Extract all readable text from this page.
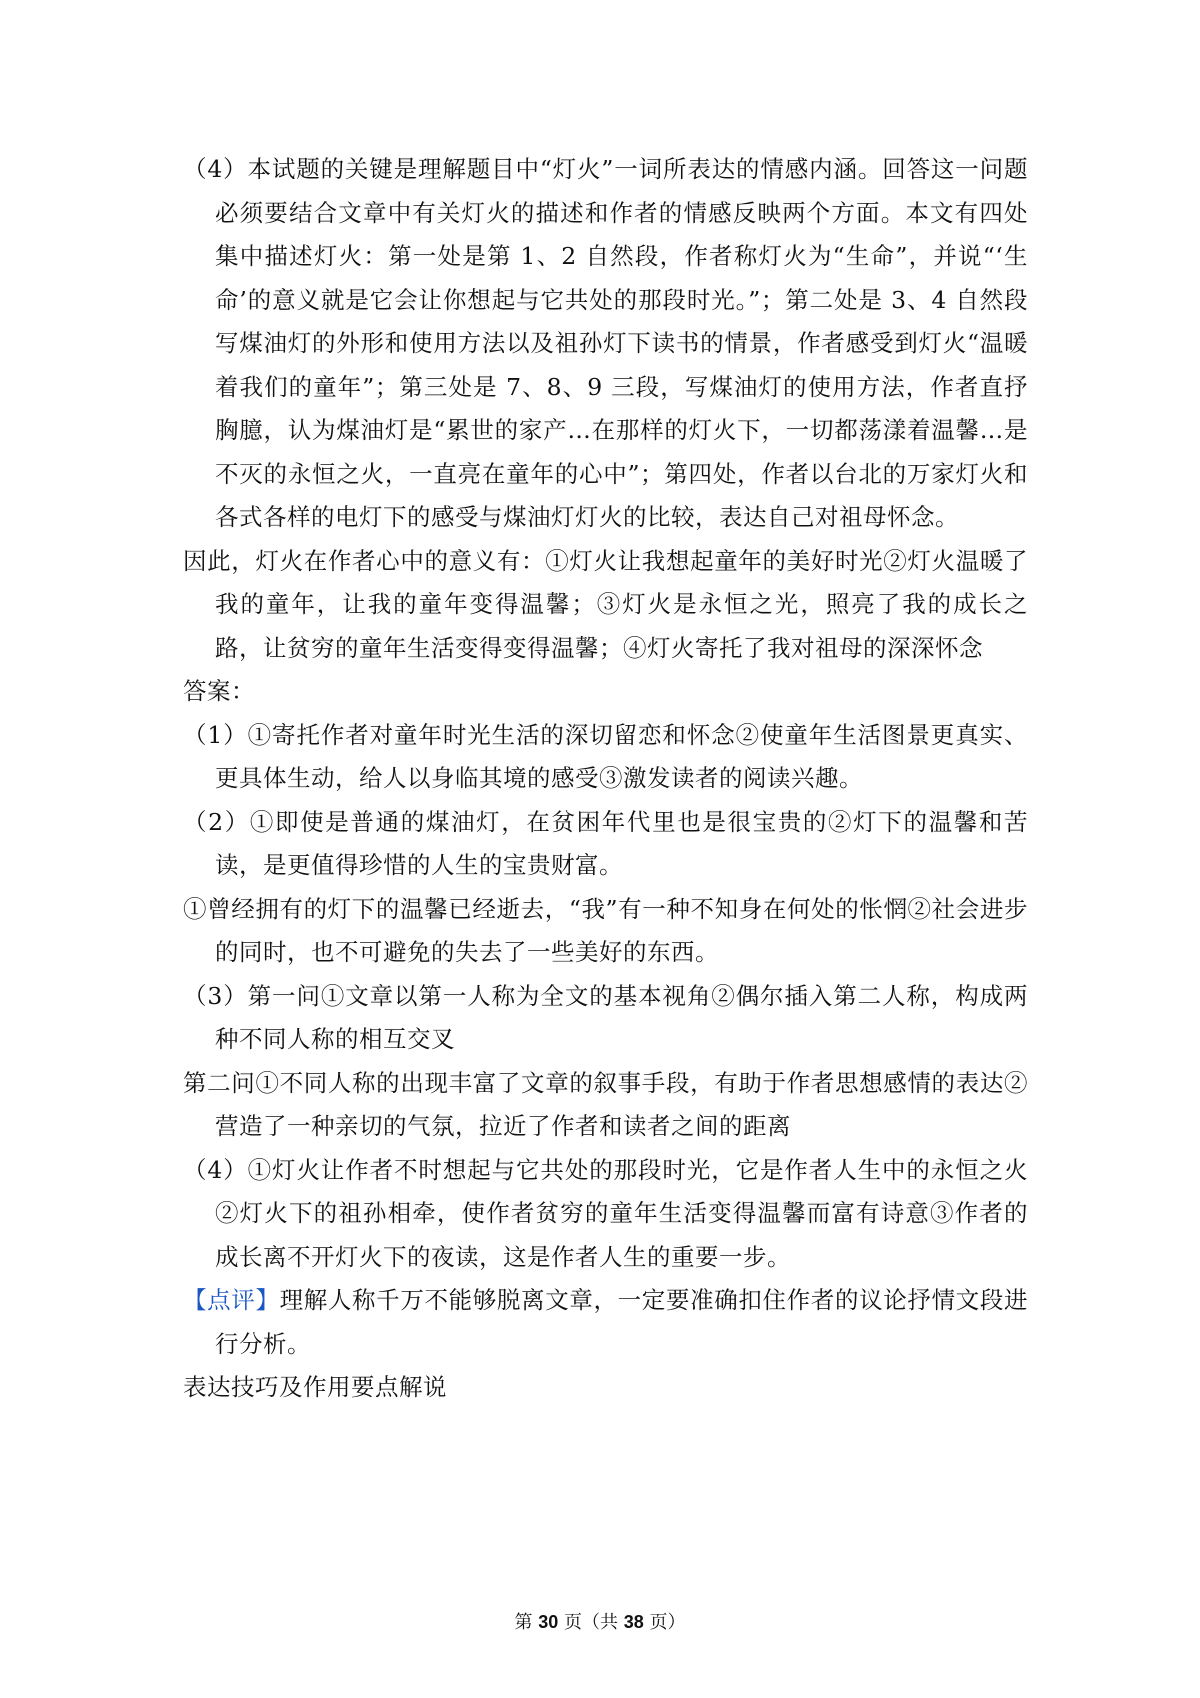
（4）本试题的关键是理解题目中“灯火”一词所表达的情感内涵。回答这一问题必须要结合文章中有关灯火的描述和作者的情感反映两个方面。本文有四处集中描述灯火：第一处是第 1、2 自然段，作者称灯火为“生命”，并说“‘生命’的意义就是它会让你想起与它共处的那段时光。”；第二处是 3、4 自然段写煤油灯的外形和使用方法以及祖孙灯下读书的情景，作者感受到灯火“温暖着我们的童年”；第三处是 7、8、9 三段，写煤油灯的使用方法，作者直抒胸臆，认为煤油灯是“累世的家产…在那样的灯火下，一切都荡漾着温馨…是不灭的永恒之火，一直亮在童年的心中”；第四处，作者以台北的万家灯火和各式各样的电灯下的感受与煤油灯灯火的比较，表达自己对祖母怀念。

因此，灯火在作者心中的意义有：①灯火让我想起童年的美好时光②灯火温暖了我的童年，让我的童年变得温馨；③灯火是永恒之光，照亮了我的成长之路，让贫穷的童年生活变得变得温馨；④灯火寄托了我对祖母的深深怀念

答案：

（1）①寄托作者对童年时光生活的深切留恋和怀念②使童年生活图景更真实、更具体生动，给人以身临其境的感受③激发读者的阅读兴趣。

（2）①即使是普通的煤油灯，在贫困年代里也是很宝贵的②灯下的温馨和苦读，是更值得珍惜的人生的宝贵财富。

①曾经拥有的灯下的温馨已经逝去，“我”有一种不知身在何处的怅惘②社会进步的同时，也不可避免的失去了一些美好的东西。

（3）第一问①文章以第一人称为全文的基本视角②偶尔插入第二人称，构成两种不同人称的相互交叉

第二问①不同人称的出现丰富了文章的叙事手段，有助于作者思想感情的表达②营造了一种亲切的气氛，拉近了作者和读者之间的距离

（4）①灯火让作者不时想起与它共处的那段时光，它是作者人生中的永恒之火②灯火下的祖孙相牵，使作者贫穷的童年生活变得温馨而富有诗意③作者的成长离不开灯火下的夜读，这是作者人生的重要一步。

【点评】理解人称千万不能够脱离文章，一定要准确扣住作者的议论抒情文段进行分析。

表达技巧及作用要点解说

第 30 页（共 38 页）
